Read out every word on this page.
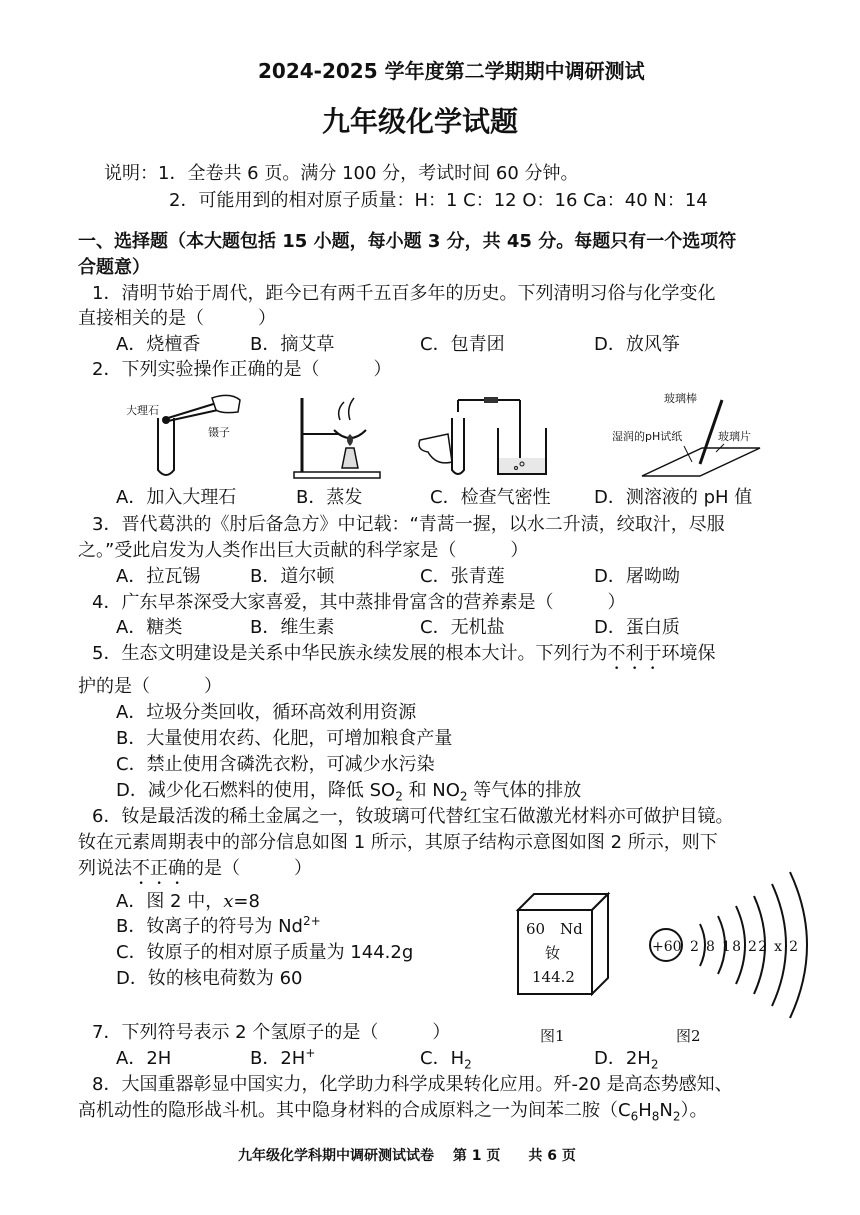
2024-2025 学年度第二学期期中调研测试
九年级化学试题
说明：1．全卷共 6 页。满分 100 分，考试时间 60 分钟。
2．可能用到的相对原子质量：H：1 C：12 O：16 Ca：40 N：14
一、选择题（本大题包括 15 小题，每小题 3 分，共 45 分。每题只有一个选项符
合题意）
1．清明节始于周代，距今已有两千五百多年的历史。下列清明习俗与化学变化
直接相关的是（　　　）
A．烧檀香	B．摘艾草	C．包青团	D．放风筝
2．下列实验操作正确的是（　　　）
大理石
镊子
玻璃棒
湿润的pH试纸	玻璃片
A．加入大理石	B．蒸发	C．检查气密性 D．测溶液的 pH 值
3．晋代葛洪的《肘后备急方》中记载：“青蒿一握，以水二升渍，绞取汁，尽服
之。”受此启发为人类作出巨大贡献的科学家是（　　　）
A．拉瓦锡	B．道尔顿	C．张青莲	D．屠呦呦
4．广东早茶深受大家喜爱，其中蒸排骨富含的营养素是（　　　）
A．糖类	B．维生素	C．无机盐	D．蛋白质
5．生态文明建设是关系中华民族永续发展的根本大计。下列行为不利于环境保
护的是（　　　）
A．垃圾分类回收，循环高效利用资源
B．大量使用农药、化肥，可增加粮食产量
C．禁止使用含磷洗衣粉，可减少水污染
D．减少化石燃料的使用，降低 $SO_2$ 和 $NO_2$ 等气体的排放
6．钕是最活泼的稀土金属之一，钕玻璃可代替红宝石做激光材料亦可做护目镜。
钕在元素周期表中的部分信息如图 1 所示，其原子结构示意图如图 2 所示，则下
列说法不正确的是（　　　）
A．图 2 中，x=8
B．钕离子的符号为 $Nd^{2+}$
C．钕原子的相对原子质量为 144.2g
D．钕的核电荷数为 60
60 Nd
钕
144.2
+60 2 8 18 22 x 2
图1	图2
7．下列符号表示 2 个氢原子的是（　　　）
A．2H	B．2H+	C．$H_2$	D．$2H_2$
8．大国重器彰显中国实力，化学助力科学成果转化应用。歼-20 是高态势感知、
高机动性的隐形战斗机。其中隐身材料的合成原料之一为间苯二胺$(C_6H_8N_2)$。
九年级化学科期中调研测试试卷　 第 1 页　　共 6 页
